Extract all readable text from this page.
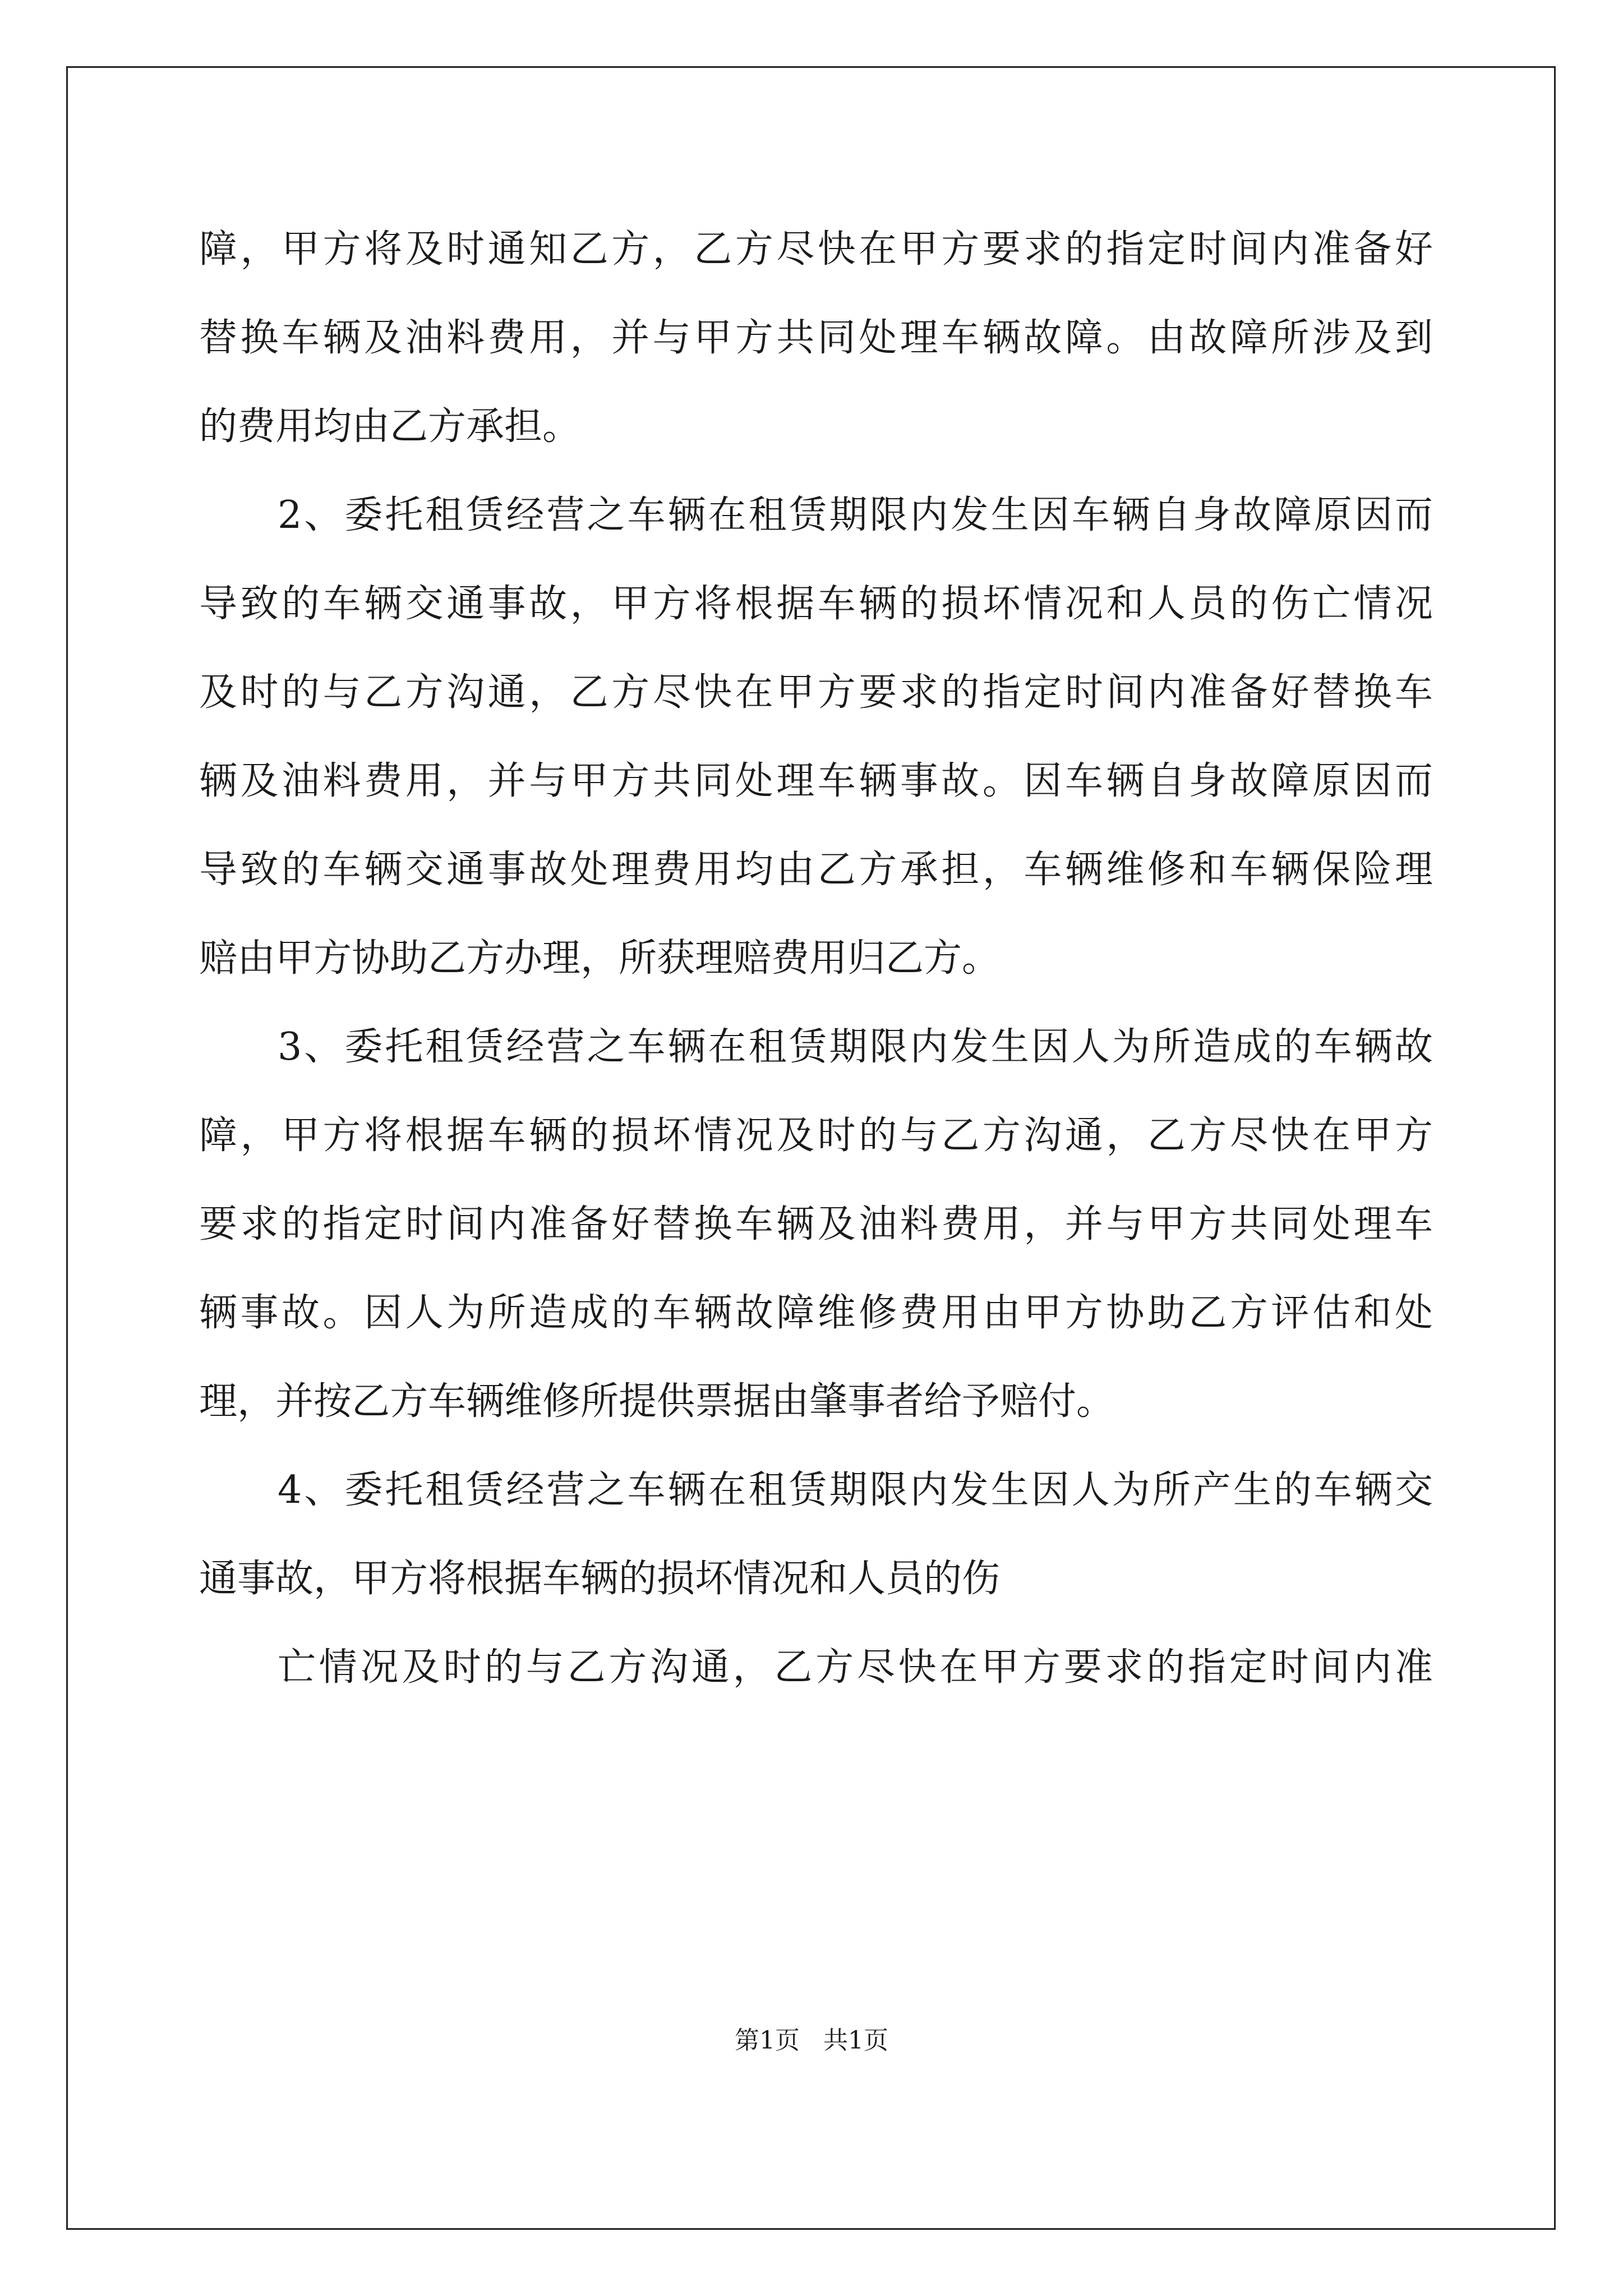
障，甲方将及时通知乙方，乙方尽快在甲方要求的指定时间内准备好
替换车辆及油料费用，并与甲方共同处理车辆故障。由故障所涉及到
的费用均由乙方承担。
2、委托租赁经营之车辆在租赁期限内发生因车辆自身故障原因而
导致的车辆交通事故，甲方将根据车辆的损坏情况和人员的伤亡情况
及时的与乙方沟通，乙方尽快在甲方要求的指定时间内准备好替换车
辆及油料费用，并与甲方共同处理车辆事故。因车辆自身故障原因而
导致的车辆交通事故处理费用均由乙方承担，车辆维修和车辆保险理
赔由甲方协助乙方办理，所获理赔费用归乙方。
3、委托租赁经营之车辆在租赁期限内发生因人为所造成的车辆故
障，甲方将根据车辆的损坏情况及时的与乙方沟通，乙方尽快在甲方
要求的指定时间内准备好替换车辆及油料费用，并与甲方共同处理车
辆事故。因人为所造成的车辆故障维修费用由甲方协助乙方评估和处
理，并按乙方车辆维修所提供票据由肇事者给予赔付。
4、委托租赁经营之车辆在租赁期限内发生因人为所产生的车辆交
通事故，甲方将根据车辆的损坏情况和人员的伤
亡情况及时的与乙方沟通，乙方尽快在甲方要求的指定时间内准
第1页   共1页
